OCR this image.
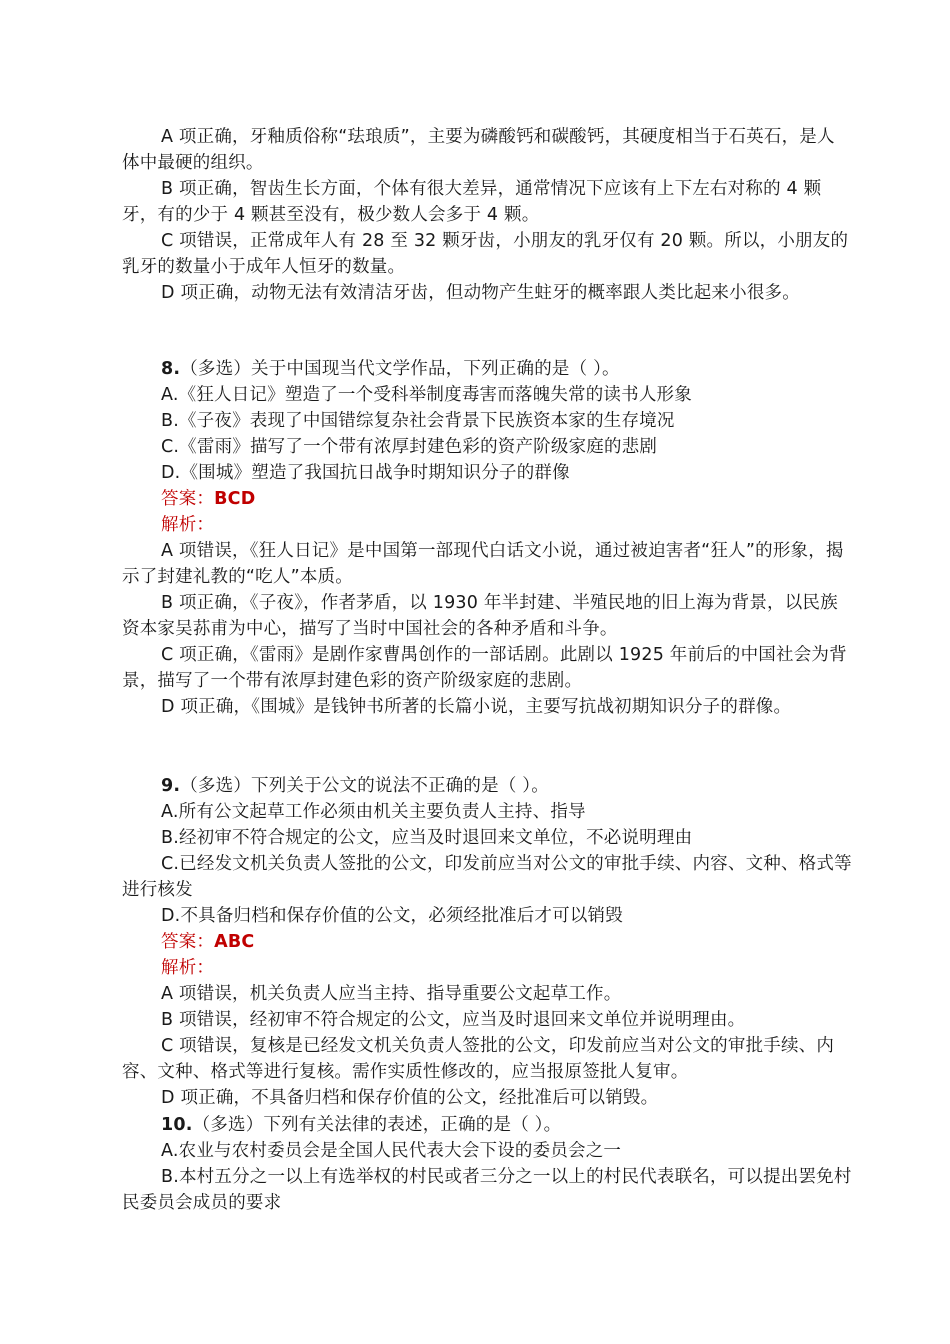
A 项正确，牙釉质俗称“珐琅质”，主要为磷酸钙和碳酸钙，其硬度相当于石英石，是人体中最硬的组织。

B 项正确，智齿生长方面，个体有很大差异，通常情况下应该有上下左右对称的 4 颗牙，有的少于 4 颗甚至没有，极少数人会多于 4 颗。

C 项错误，正常成年人有 28 至 32 颗牙齿，小朋友的乳牙仅有 20 颗。所以，小朋友的乳牙的数量小于成年人恒牙的数量。

D 项正确，动物无法有效清洁牙齿，但动物产生蛀牙的概率跟人类比起来小很多。

8.（多选）关于中国现当代文学作品，下列正确的是（ ）。

A.《狂人日记》塑造了一个受科举制度毒害而落魄失常的读书人形象

B.《子夜》表现了中国错综复杂社会背景下民族资本家的生存境况

C.《雷雨》描写了一个带有浓厚封建色彩的资产阶级家庭的悲剧

D.《围城》塑造了我国抗日战争时期知识分子的群像

答案：BCD

解析：

A 项错误，《狂人日记》是中国第一部现代白话文小说，通过被迫害者“狂人”的形象，揭示了封建礼教的“吃人”本质。

B 项正确，《子夜》，作者茅盾，以 1930 年半封建、半殖民地的旧上海为背景，以民族资本家吴荪甫为中心，描写了当时中国社会的各种矛盾和斗争。

C 项正确，《雷雨》是剧作家曹禺创作的一部话剧。此剧以 1925 年前后的中国社会为背景，描写了一个带有浓厚封建色彩的资产阶级家庭的悲剧。

D 项正确，《围城》是钱钟书所著的长篇小说，主要写抗战初期知识分子的群像。

9.（多选）下列关于公文的说法不正确的是（ ）。

A.所有公文起草工作必须由机关主要负责人主持、指导

B.经初审不符合规定的公文，应当及时退回来文单位，不必说明理由

C.已经发文机关负责人签批的公文，印发前应当对公文的审批手续、内容、文种、格式等进行核发

D.不具备归档和保存价值的公文，必须经批准后才可以销毁

答案：ABC

解析：

A 项错误，机关负责人应当主持、指导重要公文起草工作。

B 项错误，经初审不符合规定的公文，应当及时退回来文单位并说明理由。

C 项错误，复核是已经发文机关负责人签批的公文，印发前应当对公文的审批手续、内容、文种、格式等进行复核。需作实质性修改的，应当报原签批人复审。

D 项正确，不具备归档和保存价值的公文，经批准后可以销毁。

10.（多选）下列有关法律的表述，正确的是（ ）。

A.农业与农村委员会是全国人民代表大会下设的委员会之一

B.本村五分之一以上有选举权的村民或者三分之一以上的村民代表联名，可以提出罢免村民委员会成员的要求
